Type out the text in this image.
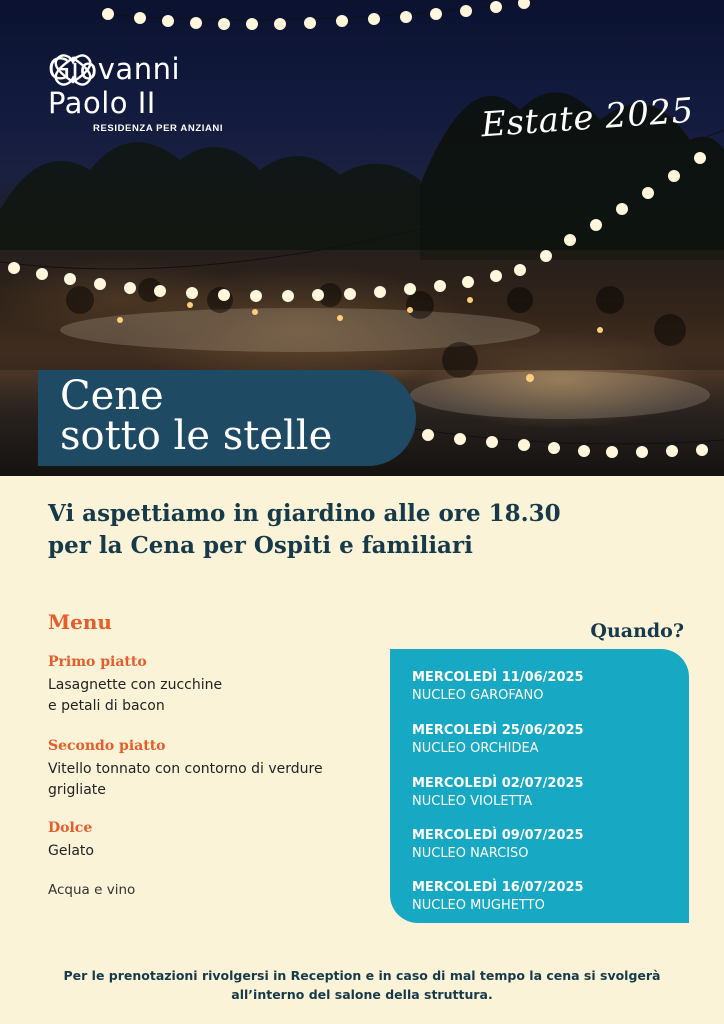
Giovanni Paolo II
RESIDENZA PER ANZIANI	Estate 2025
Cene
sotto le stelle
Vi aspettiamo in giardino alle ore 18.30
per la Cena per Ospiti e familiari
Menu
Primo piatto
Lasagnette con zucchine
e petali di bacon
Secondo piatto
Vitello tonnato con contorno di verdure
grigliate
Dolce
Gelato
Acqua e vino
Quando?
MERCOLEDÌ 11/06/2025
NUCLEO GAROFANO
MERCOLEDÌ 25/06/2025
NUCLEO ORCHIDEA
MERCOLEDÌ 02/07/2025
NUCLEO VIOLETTA
MERCOLEDÌ 09/07/2025
NUCLEO NARCISO
MERCOLEDÌ 16/07/2025
NUCLEO MUGHETTO
Per le prenotazioni rivolgersi in Reception e in caso di mal tempo la cena si svolgerà
all’interno del salone della struttura.
